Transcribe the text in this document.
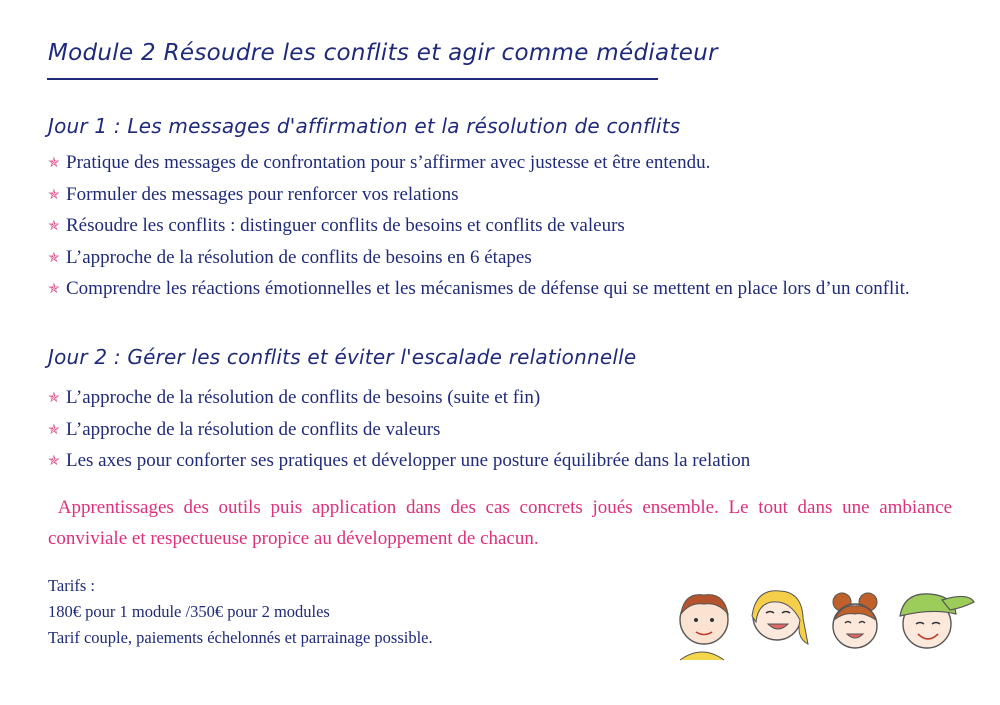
Module 2 Résoudre les conflits et agir comme médiateur
Jour 1 : Les messages d'affirmation et la résolution de conflits
✯ Pratique des messages de confrontation pour s’affirmer avec justesse et être entendu.
✯ Formuler des messages pour renforcer vos relations
✯ Résoudre les conflits : distinguer conflits de besoins et conflits de valeurs
✯ L’approche de la résolution de conflits de besoins en 6 étapes
✯ Comprendre les réactions émotionnelles et les mécanismes de défense qui se mettent en place lors d’un conflit.
Jour 2 : Gérer les conflits et éviter l'escalade relationnelle
✯ L’approche de la résolution de conflits de besoins (suite et fin)
✯ L’approche de la résolution de conflits de valeurs
✯ Les axes pour conforter ses pratiques et développer une posture équilibrée dans la relation
Apprentissages des outils puis application dans des cas concrets joués ensemble. Le tout dans une ambiance conviviale et respectueuse propice au développement de chacun.
Tarifs :
180€ pour 1 module /350€ pour 2 modules
Tarif couple, paiements échelonnés et parrainage possible.
